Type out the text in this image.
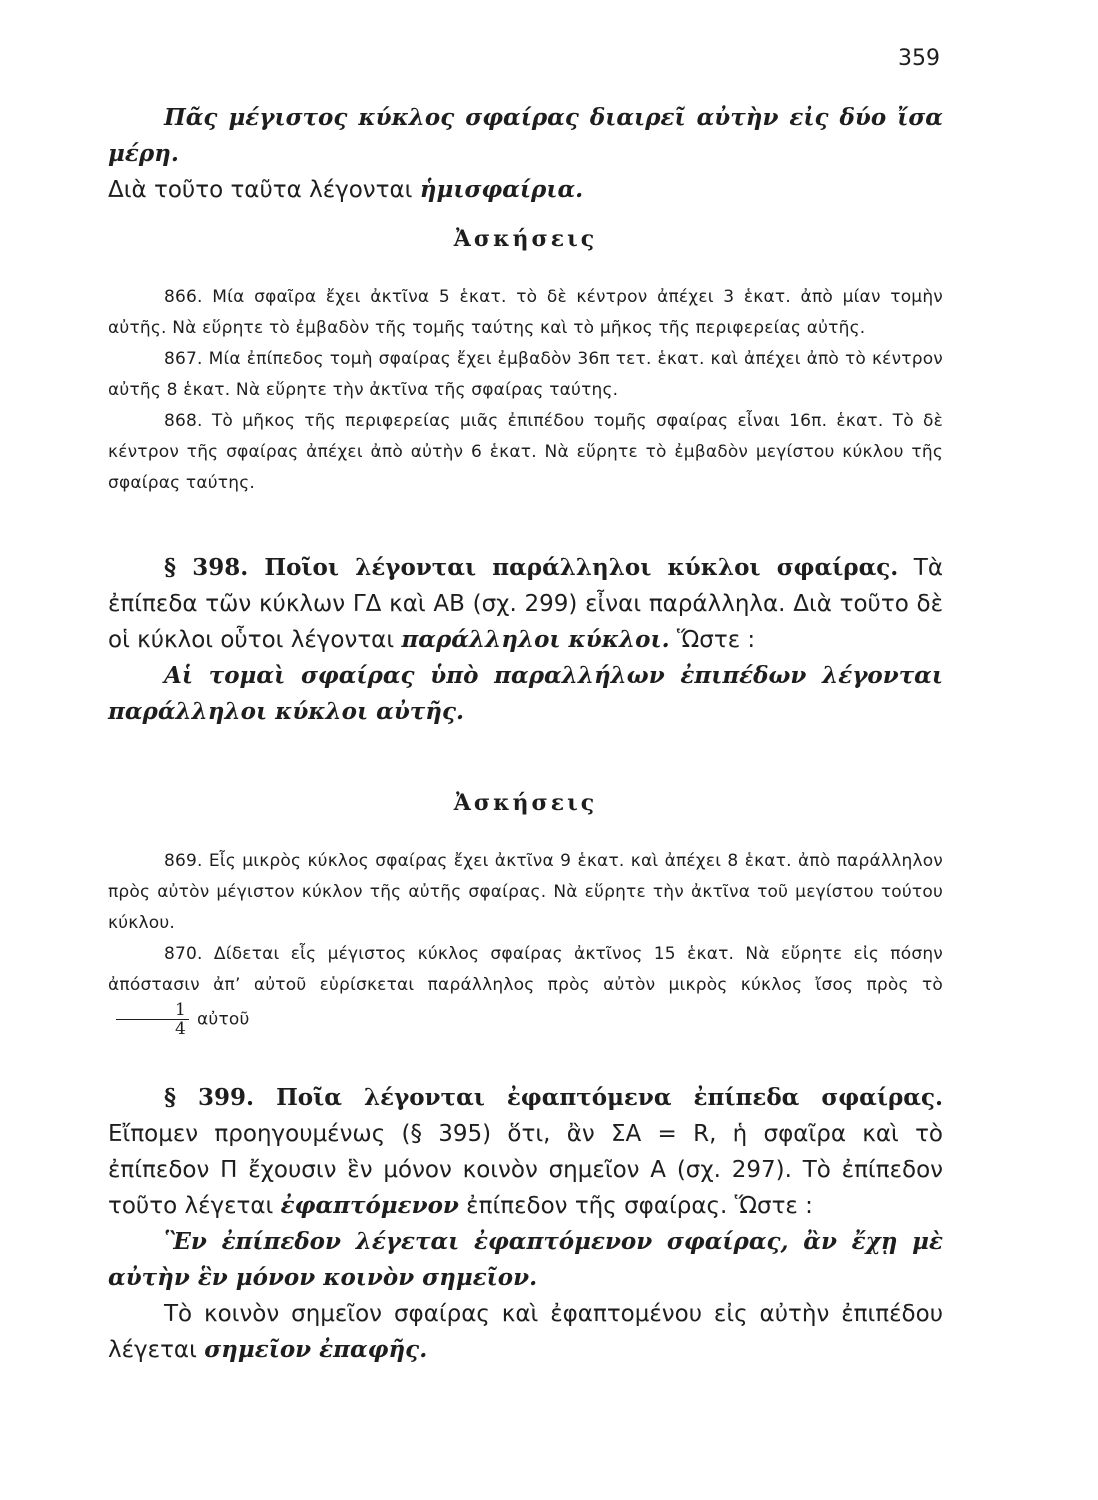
359

Πᾶς μέγιστος κύκλος σφαίρας διαιρεῖ αὐτὴν εἰς δύο ἴσα μέρη.

Διὰ τοῦτο ταῦτα λέγονται ἡμισφαίρια.

Ἀσκήσεις

866. Μία σφαῖρα ἔχει ἀκτῖνα 5 ἑκατ. τὸ δὲ κέντρον ἀπέχει 3 ἑκατ. ἀπὸ μίαν τομὴν αὐτῆς. Νὰ εὕρητε τὸ ἐμβαδὸν τῆς τομῆς ταύτης καὶ τὸ μῆκος τῆς περιφερείας αὐτῆς.

867. Μία ἐπίπεδος τομὴ σφαίρας ἔχει ἐμβαδὸν 36π τετ. ἑκατ. καὶ ἀπέχει ἀπὸ τὸ κέντρον αὐτῆς 8 ἑκατ. Νὰ εὕρητε τὴν ἀκτῖνα τῆς σφαίρας ταύτης.

868. Τὸ μῆκος τῆς περιφερείας μιᾶς ἐπιπέδου τομῆς σφαίρας εἶναι 16π. ἑκατ. Τὸ δὲ κέντρον τῆς σφαίρας ἀπέχει ἀπὸ αὐτὴν 6 ἑκατ. Νὰ εὕρητε τὸ ἐμβαδὸν μεγίστου κύκλου τῆς σφαίρας ταύτης.

§ 398. Ποῖοι λέγονται παράλληλοι κύκλοι σφαίρας. Τὰ ἐπίπεδα τῶν κύκλων ΓΔ καὶ ΑΒ (σχ. 299) εἶναι παράλληλα. Διὰ τοῦτο δὲ οἱ κύκλοι οὗτοι λέγονται παράλληλοι κύκλοι. Ὥστε :

Αἱ τομαὶ σφαίρας ὑπὸ παραλλήλων ἐπιπέδων λέγονται παράλληλοι κύκλοι αὐτῆς.

Ἀσκήσεις

869. Εἷς μικρὸς κύκλος σφαίρας ἔχει ἀκτῖνα 9 ἑκατ. καὶ ἀπέχει 8 ἑκατ. ἀπὸ παράλληλον πρὸς αὐτὸν μέγιστον κύκλον τῆς αὐτῆς σφαίρας. Νὰ εὕρητε τὴν ἀκτῖνα τοῦ μεγίστου τούτου κύκλου.

870. Δίδεται εἷς μέγιστος κύκλος σφαίρας ἀκτῖνος 15 ἑκατ. Νὰ εὕρητε εἰς πόσην ἀπόστασιν ἀπ’ αὐτοῦ εὑρίσκεται παράλληλος πρὸς αὐτὸν μικρὸς κύκλος ἴσος πρὸς τὸ
$\frac{1}{4}$ αὐτοῦ

§ 399. Ποῖα λέγονται ἐφαπτόμενα ἐπίπεδα σφαίρας. Εἴπομεν προηγουμένως (§ 395) ὅτι, ἂν ΣΑ = R, ἡ σφαῖρα καὶ τὸ ἐπίπεδον Π ἔχουσιν ἓν μόνον κοινὸν σημεῖον Α (σχ. 297). Τὸ ἐπίπεδον τοῦτο λέγεται ἐφαπτόμενον ἐπίπεδον τῆς σφαίρας. Ὥστε :

Ἓν ἐπίπεδον λέγεται ἐφαπτόμενον σφαίρας, ἂν ἔχῃ μὲ αὐτὴν ἓν μόνον κοινὸν σημεῖον.

Τὸ κοινὸν σημεῖον σφαίρας καὶ ἐφαπτομένου εἰς αὐτὴν ἐπιπέδου λέγεται σημεῖον ἐπαφῆς.
